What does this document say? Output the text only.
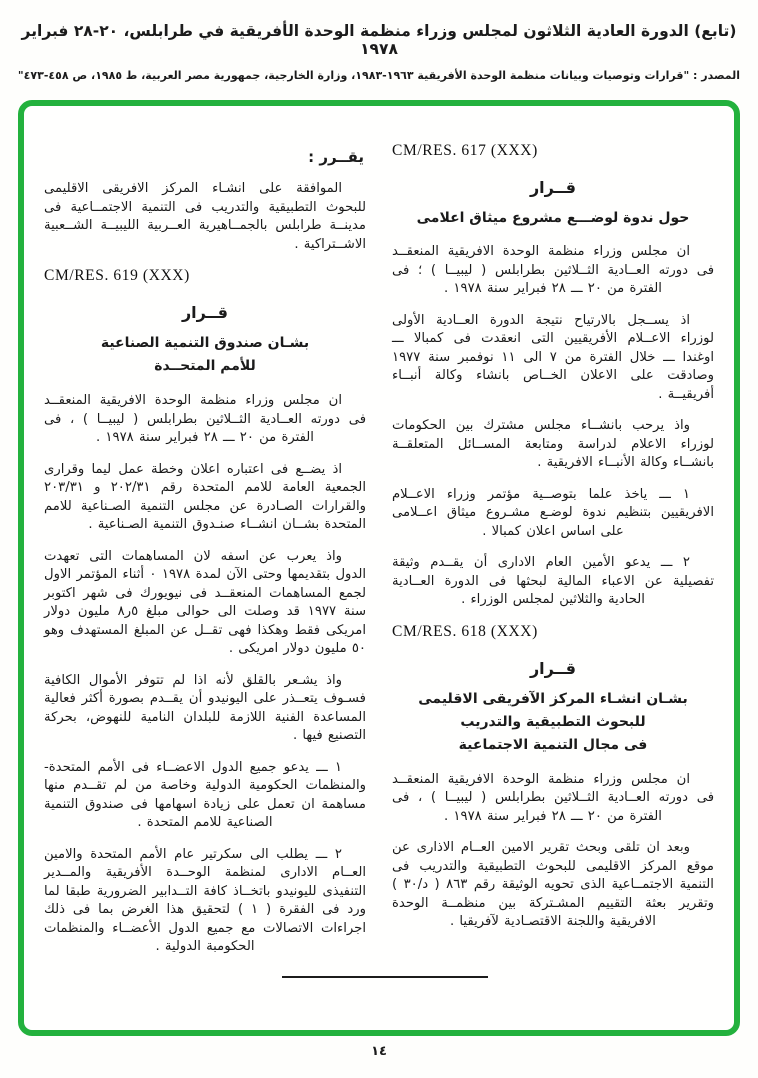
(تابع) الدورة العادية الثلاثون لمجلس وزراء منظمة الوحدة الأفريقية في طرابلس، ٢٠-٢٨ فبراير ١٩٧٨
المصدر : "قرارات وتوصيات وبيانات منظمة الوحدة الأفريقية ١٩٦٣-١٩٨٣، وزارة الخارجية، جمهورية مصر العربية، ط ١٩٨٥، ص ٤٥٨-٤٧٣"
CM/RES. 617 (XXX)
قــرار
حول ندوة لوضـــع مشروع ميثاق اعلامى

ان مجلس وزراء منظمة الوحدة الافريقية المنعقــد فى دورته العــادية الثــلاثين بطرابلس ( ليبيــا ) ؛ فى الفترة من ٢٠ ـــ ٢٨ فبراير سنة ١٩٧٨ .

اذ يســجل بالارتياح نتيجة الدورة العــادية الأولى لوزراء الاعــلام الأفريقيين التى انعقدت فى كمبالا ـــ اوغندا ـــ خلال الفترة من ٧ الى ١١ نوفمبر سنة ١٩٧٧ وصادقت على الاعلان الخــاص بانشاء وكالة أنبــاء أفريقيــة .

واذ يرحب بانشــاء مجلس مشترك بين الحكومات لوزراء الاعلام لدراسة ومتابعة المســائل المتعلقــة بانشــاء وكالة الأنبــاء الافريقية .

١ ـــ ياخذ علما بتوصــية مؤتمر وزراء الاعــلام الافريقيين بتنظيم ندوة لوضـع مشـروع ميثاق اعــلامى على اساس اعلان كمبالا .

٢ ـــ يدعو الأمين العام الادارى أن يقــدم وثيقة تفصيلية عن الاعباء المالية لبحثها فى الدورة العــادية الحادية والثلاثين لمجلس الوزراء .

CM/RES. 618 (XXX)
قــرار
بشـان انشـاء المركز الآفريقى الاقليمى
للبحوث التطبيقية والتدريب
فى مجال التنمية الاجتماعية

ان مجلس وزراء منظمة الوحدة الافريقية المنعقــد فى دورته العــادية الثــلاثين بطرابلس ( ليبيــا ) ، فى الفترة من ٢٠ ـــ ٢٨ فبراير سنة ١٩٧٨ .

وبعد ان تلقى وبحث تقرير الامين العــام الاذارى عن موقع المركز الاقليمى للبحوث التطبيقية والتدريب فى التنمية الاجتمــاعية الذى تحويه الوثيقة رقم ٨٦٣ ( د/٣٠ ) وتقرير بعثة التقييم المشـتركة بين منظمــة الوحدة الافريقية واللجنة الاقتصـادية لآفريقيا .

يقــرر :

الموافقة على انشـاء المركز الافريقى الاقليمى للبحوث التطبيقية والتدريب فى التنمية الاجتمــاعية فى مدينــة طرابلس بالجمــاهيرية العــربية الليبيــة الشــعبية الاشــتراكية .

CM/RES. 619 (XXX)
قــرار
بشـان صندوق التنمية الصناعية
للأمم المتحــدة

ان مجلس وزراء منظمة الوحدة الافريقية المنعقــد فى دورته العــادية الثــلاثين بطرابلس ( ليبيــا ) ، فى الفترة من ٢٠ ـــ ٢٨ فبراير سنة ١٩٧٨ .

اذ يضــع فى اعتباره اعلان وخطة عمل ليما وقرارى الجمعية العامة للامم المتحدة رقم ٢٠٢/٣١ و ٢٠٣/٣١ والقرارات الصـادرة عن مجلس التنمية الصـناعية للامم المتحدة بشــان انشــاء صنـدوق التنمية الصـناعية .

واذ يعرب عن اسفه لان المساهمات التى تعهدت الدول بتقديمها وحتى الآن لمدة ١٩٧٨ ٠ أثناء المؤتمر الاول لجمع المساهمات المنعقــد فى نيويورك فى شهر اكتوبر سنة ١٩٧٧ قد وصلت الى حوالى مبلغ ٥ر٨ مليون دولار امريكى فقط وهكذا فهى تقــل عن المبلغ المستهدف وهو ٥٠ مليون دولار امريكى .

واذ يشـعر بالقلق لأنه اذا لم تتوفر الأموال الكافية فسـوف يتعــذر على اليونيدو أن يقــدم بصورة أكثر فعالية المساعدة الفنية اللازمة للبلدان النامية للنهوض، بحركة التصنيع فيها .

١ ـــ يدعو جميع الدول الاعضــاء فى الأمم المتحدة- والمنظمات الحكومية الدولية وخاصة من لم تقــدم منها مساهمة ان تعمل على زيادة اسهامها فى صندوق التنمية الصناعية للامم المتحدة .

٢ ـــ يطلب الى سكرتير عام الأمم المتحدة والامين العــام الادارى لمنظمة الوحــدة الأفريقية والمــدير التنفيذى لليونيدو باتخــاذ كافة التــدابير الضرورية طبقا لما ورد فى الفقرة ( ١ ) لتحقيق هذا الغرض بما فى ذلك اجراءات الاتصالات مع جميع الدول الأعضــاء والمنظمات الحكومبة الدولية .

١٤
